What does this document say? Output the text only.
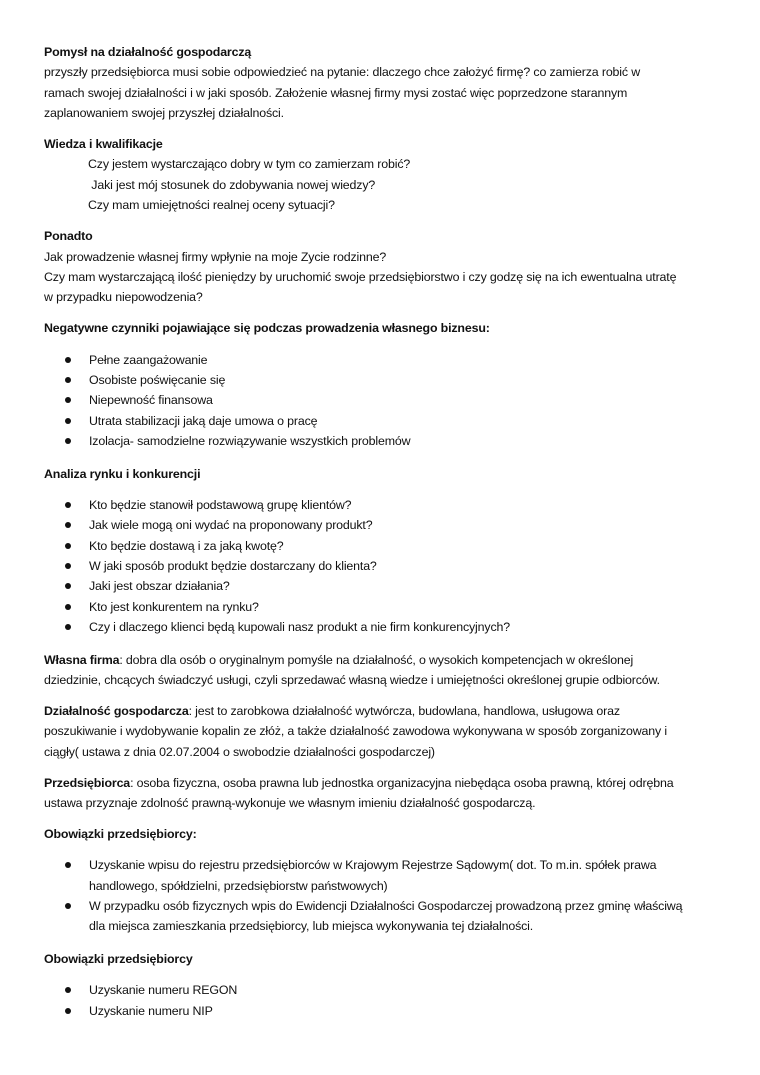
Pomysł na działalność gospodarczą
przyszły przedsiębiorca musi sobie odpowiedzieć na pytanie: dlaczego chce założyć firmę? co zamierza robić w
ramach swojej działalności i w jaki sposób. Założenie własnej firmy mysi zostać więc poprzedzone starannym
zaplanowaniem swojej przyszłej działalności.
Wiedza i kwalifikacje
Czy jestem wystarczająco dobry w tym co zamierzam robić?
Jaki jest mój stosunek do zdobywania nowej wiedzy?
Czy mam umiejętności realnej oceny sytuacji?
Ponadto
Jak prowadzenie własnej firmy wpłynie na moje Zycie rodzinne?
Czy mam wystarczającą ilość pieniędzy by uruchomić swoje przedsiębiorstwo i czy godzę się na ich ewentualna utratę
w przypadku niepowodzenia?
Negatywne czynniki pojawiające się podczas prowadzenia własnego biznesu:
Pełne zaangażowanie
Osobiste poświęcanie się
Niepewność finansowa
Utrata stabilizacji jaką daje umowa o pracę
Izolacja- samodzielne rozwiązywanie wszystkich problemów
Analiza rynku i konkurencji
Kto będzie stanowił podstawową grupę klientów?
Jak wiele mogą oni wydać na proponowany produkt?
Kto będzie dostawą i za jaką kwotę?
W jaki sposób produkt będzie dostarczany do klienta?
Jaki jest obszar działania?
Kto jest konkurentem na rynku?
Czy i dlaczego klienci będą kupowali nasz produkt a nie firm konkurencyjnych?
Własna firma: dobra dla osób o oryginalnym pomyśle na działalność, o wysokich kompetencjach w określonej
dziedzinie, chcących świadczyć usługi, czyli sprzedawać własną wiedze i umiejętności określonej grupie odbiorców.
Działalność gospodarcza: jest to zarobkowa działalność wytwórcza, budowlana, handlowa, usługowa oraz
poszukiwanie i wydobywanie kopalin ze złóż, a także działalność zawodowa wykonywana w sposób zorganizowany i
ciągły( ustawa z dnia 02.07.2004 o swobodzie działalności gospodarczej)
Przedsiębiorca: osoba fizyczna, osoba prawna lub jednostka organizacyjna niebędąca osoba prawną, której odrębna
ustawa przyznaje zdolność prawną-wykonuje we własnym imieniu działalność gospodarczą.
Obowiązki przedsiębiorcy:
Uzyskanie wpisu do rejestru przedsiębiorców w Krajowym Rejestrze Sądowym( dot. To m.in. spółek prawa
handlowego, spółdzielni, przedsiębiorstw państwowych)
W przypadku osób fizycznych wpis do Ewidencji Działalności Gospodarczej prowadzoną przez gminę właściwą
dla miejsca zamieszkania przedsiębiorcy, lub miejsca wykonywania tej działalności.
Obowiązki przedsiębiorcy
Uzyskanie numeru REGON
Uzyskanie numeru NIP
